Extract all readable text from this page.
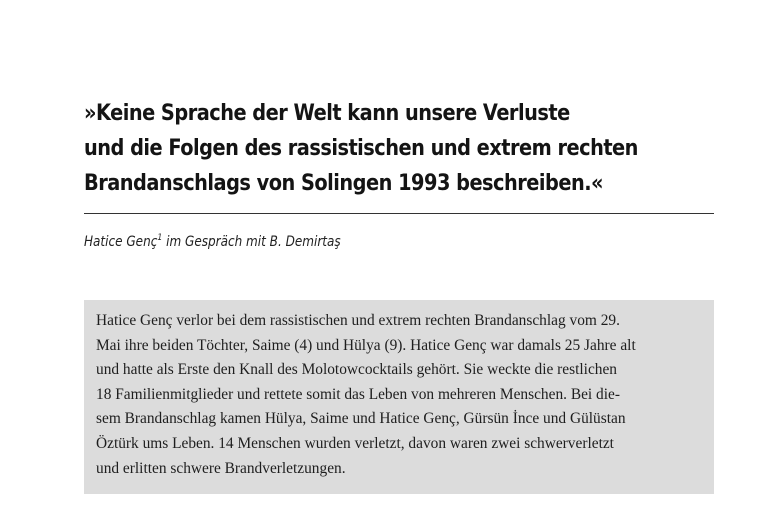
»Keine Sprache der Welt kann unsere Verluste
und die Folgen des rassistischen und extrem rechten
Brandanschlags von Solingen 1993 beschreiben.«

Hatice Genç$^1$ im Gespräch mit B. Demirtaş

Hatice Genç verlor bei dem rassistischen und extrem rechten Brandanschlag vom 29.
Mai ihre beiden Töchter, Saime (4) und Hülya (9). Hatice Genç war damals 25 Jahre alt
und hatte als Erste den Knall des Molotowcocktails gehört. Sie weckte die restlichen
18 Familienmitglieder und rettete somit das Leben von mehreren Menschen. Bei die-
sem Brandanschlag kamen Hülya, Saime und Hatice Genç, Gürsün İnce und Gülüstan
Öztürk ums Leben. 14 Menschen wurden verletzt, davon waren zwei schwerverletzt
und erlitten schwere Brandverletzungen.
